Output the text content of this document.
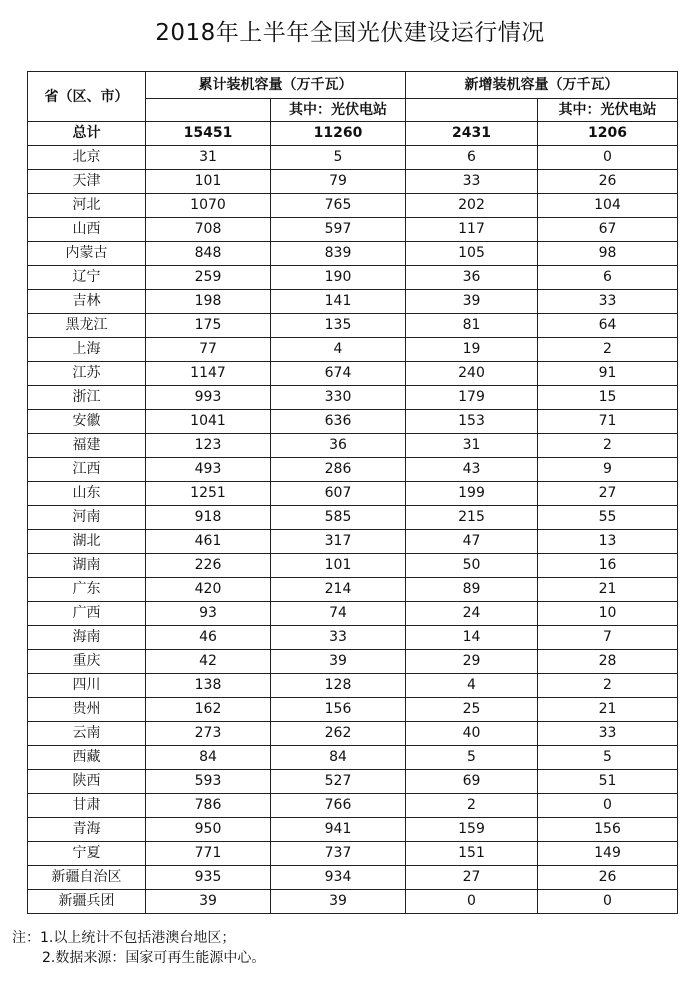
2018年上半年全国光伏建设运行情况
省（区、市）	累计装机容量（万千瓦）		新增装机容量（万千瓦）	
		其中：光伏电站		其中：光伏电站
总计	15451	11260	2431	1206
北京	31	5	6	0
天津	101	79	33	26
河北	1070	765	202	104
山西	708	597	117	67
内蒙古	848	839	105	98
辽宁	259	190	36	6
吉林	198	141	39	33
黑龙江	175	135	81	64
上海	77	4	19	2
江苏	1147	674	240	91
浙江	993	330	179	15
安徽	1041	636	153	71
福建	123	36	31	2
江西	493	286	43	9
山东	1251	607	199	27
河南	918	585	215	55
湖北	461	317	47	13
湖南	226	101	50	16
广东	420	214	89	21
广西	93	74	24	10
海南	46	33	14	7
重庆	42	39	29	28
四川	138	128	4	2
贵州	162	156	25	21
云南	273	262	40	33
西藏	84	84	5	5
陕西	593	527	69	51
甘肃	786	766	2	0
青海	950	941	159	156
宁夏	771	737	151	149
新疆自治区	935	934	27	26
新疆兵团	39	39	0	0
注：1.以上统计不包括港澳台地区；
2.数据来源：国家可再生能源中心。
